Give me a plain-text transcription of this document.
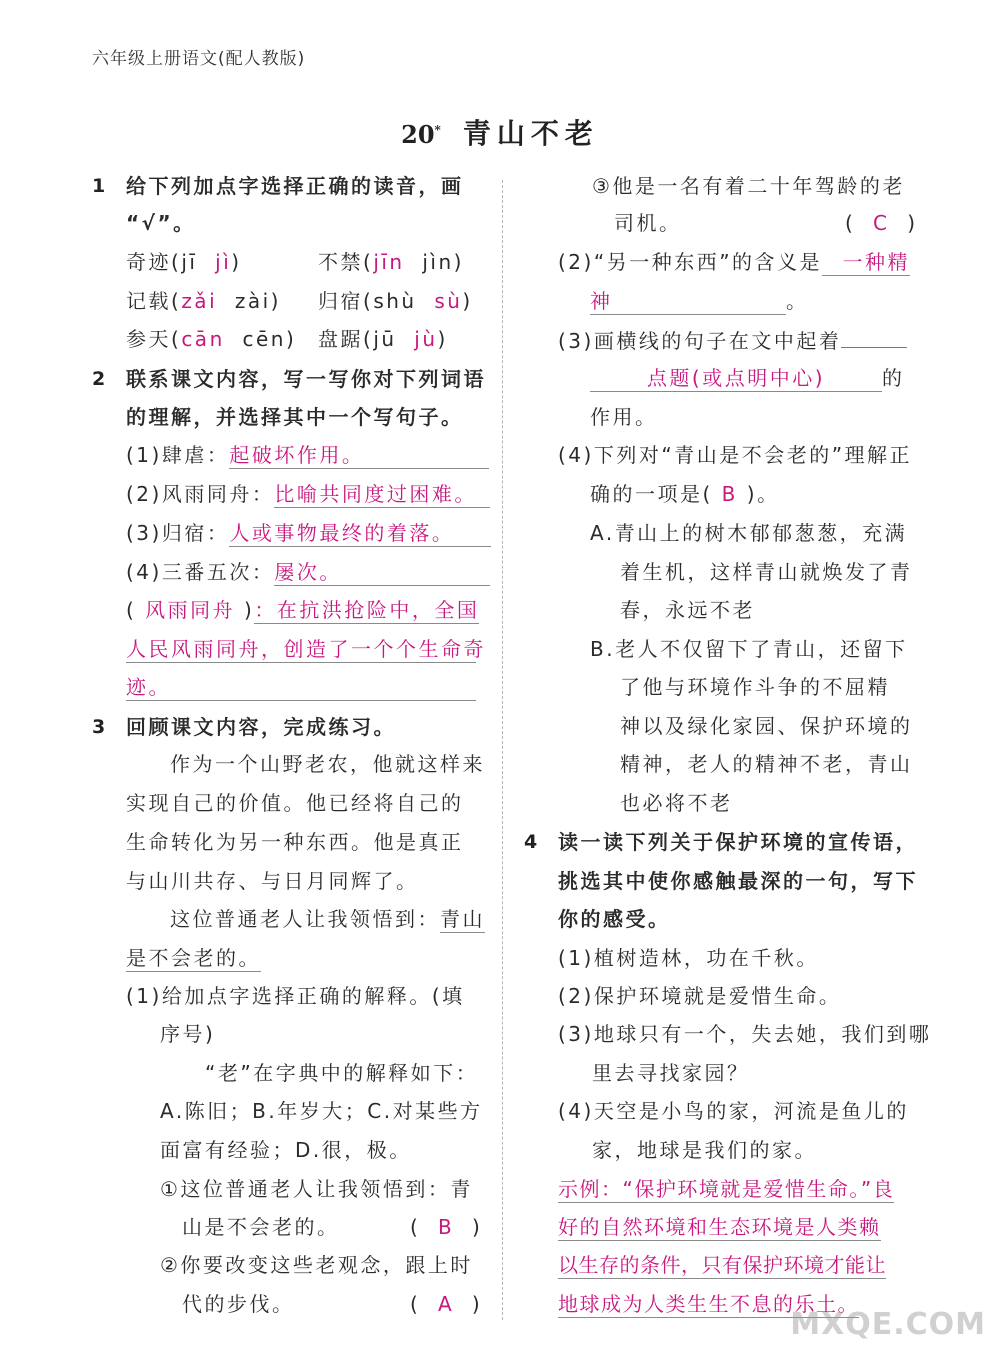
六年级上册语文(配人教版)
20* 青山不老
1 给下列加点字选择正确的读音，画
“√”。
奇迹(jī jì)	不禁(jīn jìn)
记载(zǎi zài) 归宿(shù sù)
参天(cān cēn) 盘踞(jū jù)
2 联系课文内容，写一写你对下列词语
的理解，并选择其中一个写句子。
(1)肆虐：起破坏作用。
(2)风雨同舟：比喻共同度过困难。
(3)归宿：人或事物最终的着落。
(4)三番五次：屡次。
( 风雨同舟 )：在抗洪抢险中，全国
人民风雨同舟，创造了一个个生命奇
迹。
3 回顾课文内容，完成练习。
作为一个山野老农，他就这样来
实现自己的价值。他已经将自己的
生命转化为另一种东西。他是真正
与山川共存、与日月同辉了。
这位普通老人让我领悟到：青山
是不会老的。
(1)给加点字选择正确的解释。(填
序号)
“老”在字典中的解释如下：
A.陈旧；B.年岁大；C.对某些方
面富有经验；D.很，极。
①这位普通老人让我领悟到：青
山是不会老的。	(  B  )
②你要改变这些老观念，跟上时
代的步伐。	(  A  )
③他是一名有着二十年驾龄的老
司机。	(  C  )
(2)“另一种东西”的含义是 一种精
神	。
(3)画横线的句子在文中起着
点题(或点明中心)	的
作用。
(4)下列对“青山是不会老的”理解正
确的一项是( B )。
A.青山上的树木郁郁葱葱，充满
着生机，这样青山就焕发了青
春，永远不老
B.老人不仅留下了青山，还留下
了他与环境作斗争的不屈精
神以及绿化家园、保护环境的
精神，老人的精神不老，青山
也必将不老
4 读一读下列关于保护环境的宣传语，
挑选其中使你感触最深的一句，写下
你的感受。
(1)植树造林，功在千秋。
(2)保护环境就是爱惜生命。
(3)地球只有一个，失去她，我们到哪
里去寻找家园？
(4)天空是小鸟的家，河流是鱼儿的
家，地球是我们的家。
示例：“保护环境就是爱惜生命。”良
好的自然环境和生态环境是人类赖
以生存的条件，只有保护环境才能让
地球成为人类生生不息的乐土。
MXQE.COM
